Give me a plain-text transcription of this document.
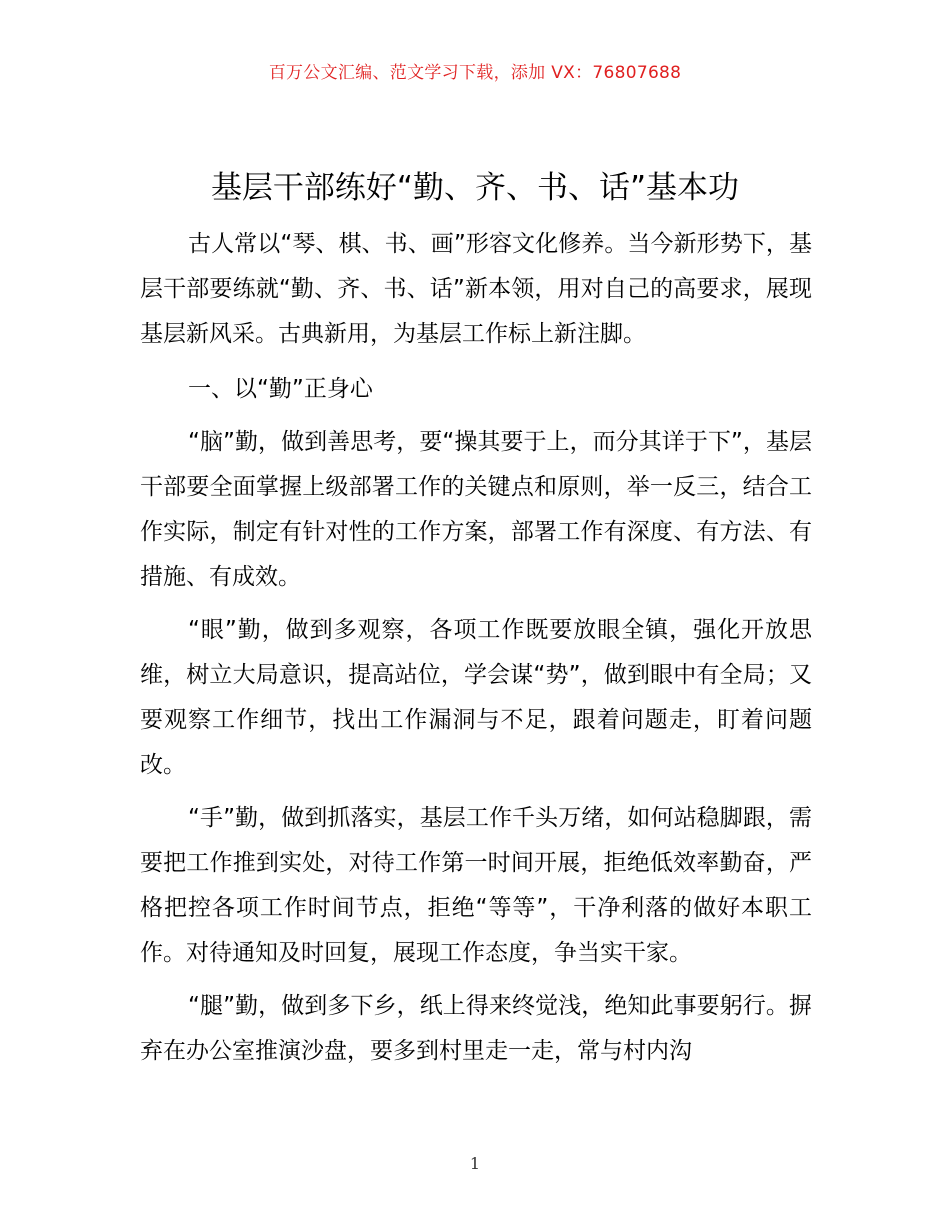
百万公文汇编、范文学习下载，添加 VX：76807688
基层干部练好“勤、齐、书、话”基本功

古人常以“琴、棋、书、画”形容文化修养。当今新形势下，基层干部要练就“勤、齐、书、话”新本领，用对自己的高要求，展现基层新风采。古典新用，为基层工作标上新注脚。

一、以“勤”正身心

“脑”勤，做到善思考，要“操其要于上，而分其详于下”，基层干部要全面掌握上级部署工作的关键点和原则，举一反三，结合工作实际，制定有针对性的工作方案，部署工作有深度、有方法、有措施、有成效。

“眼”勤，做到多观察，各项工作既要放眼全镇，强化开放思维，树立大局意识，提高站位，学会谋“势”，做到眼中有全局；又要观察工作细节，找出工作漏洞与不足，跟着问题走，盯着问题改。

“手”勤，做到抓落实，基层工作千头万绪，如何站稳脚跟，需要把工作推到实处，对待工作第一时间开展，拒绝低效率勤奋，严格把控各项工作时间节点，拒绝“等等”，干净利落的做好本职工作。对待通知及时回复，展现工作态度，争当实干家。

“腿”勤，做到多下乡，纸上得来终觉浅，绝知此事要躬行。摒弃在办公室推演沙盘，要多到村里走一走，常与村内沟

1
